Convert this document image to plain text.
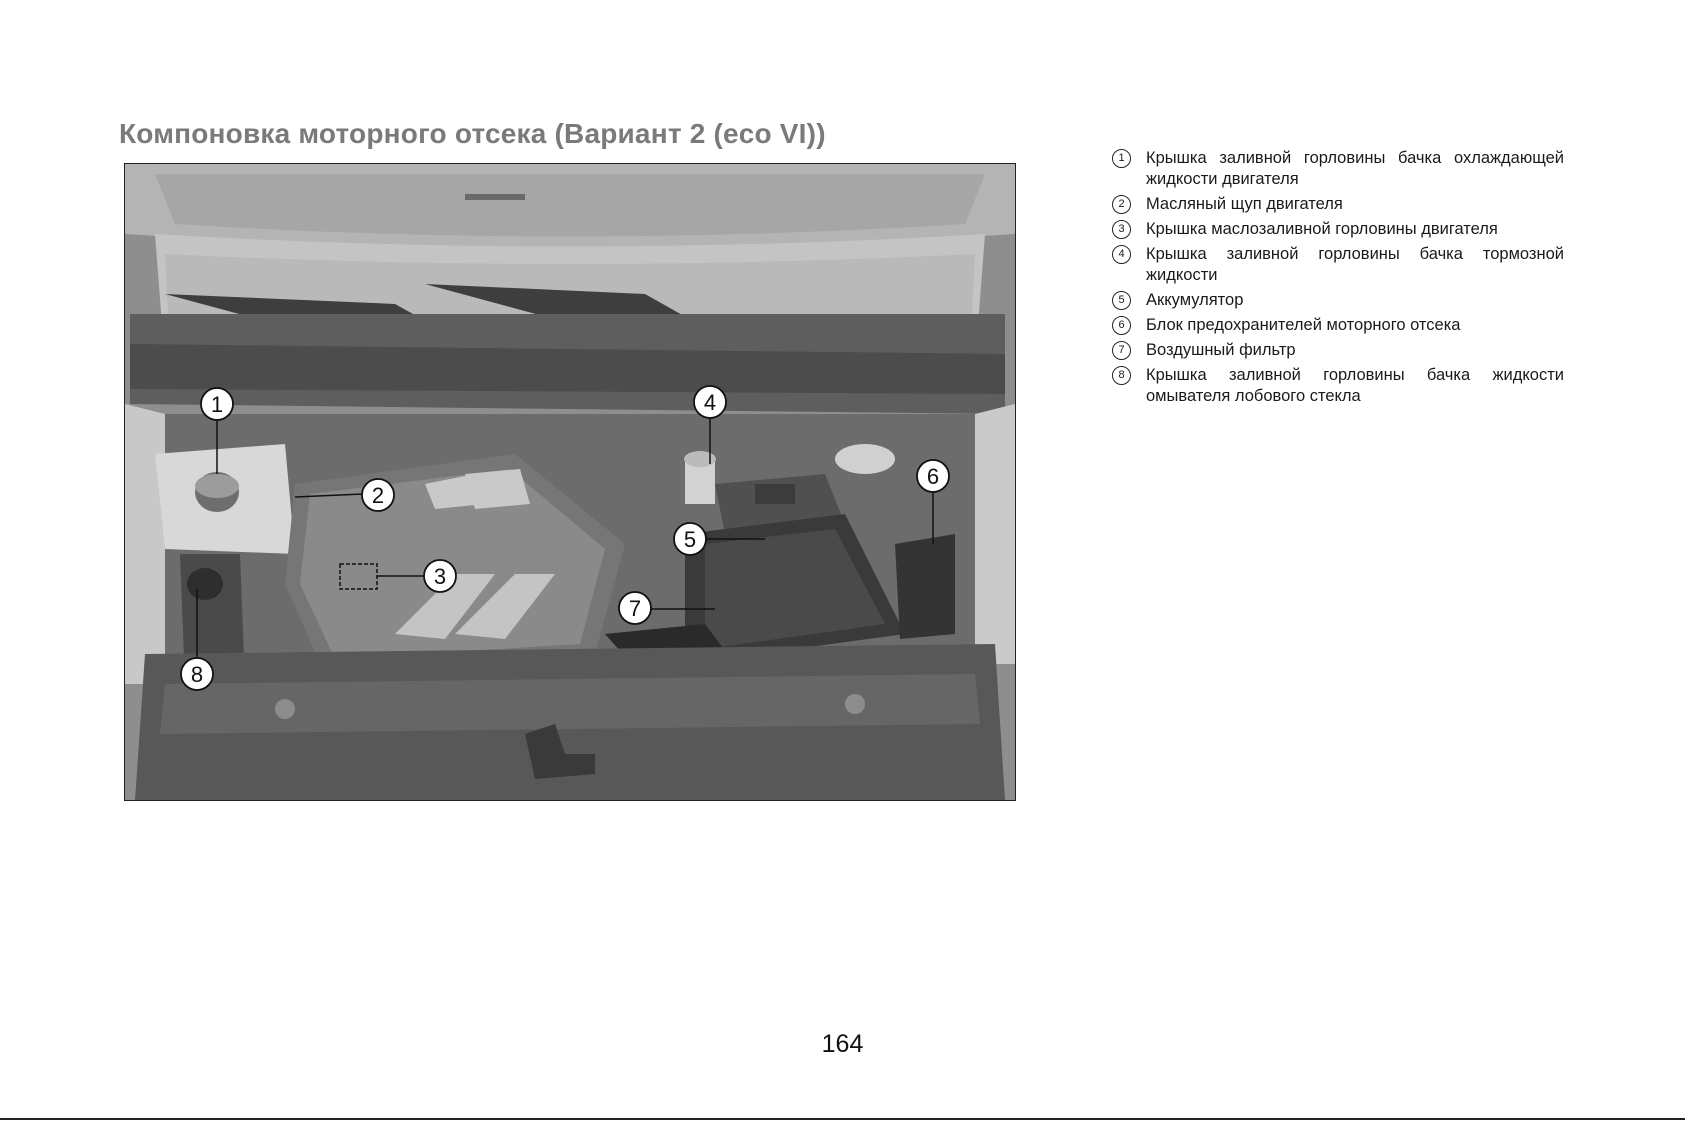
Компоновка моторного отсека (Вариант 2 (eco VI))
1
2
3
4
5
6
7
8
1	Крышка заливной горловины бачка охлаждающей жидкости двигателя
2	Масляный щуп двигателя
3	Крышка маслозаливной горловины двигателя
4	Крышка заливной горловины бачка тормозной жидкости
5	Аккумулятор
6	Блок предохранителей моторного отсека
7	Воздушный фильтр
8	Крышка заливной горловины бачка жидкости омывателя лобового стекла
164
